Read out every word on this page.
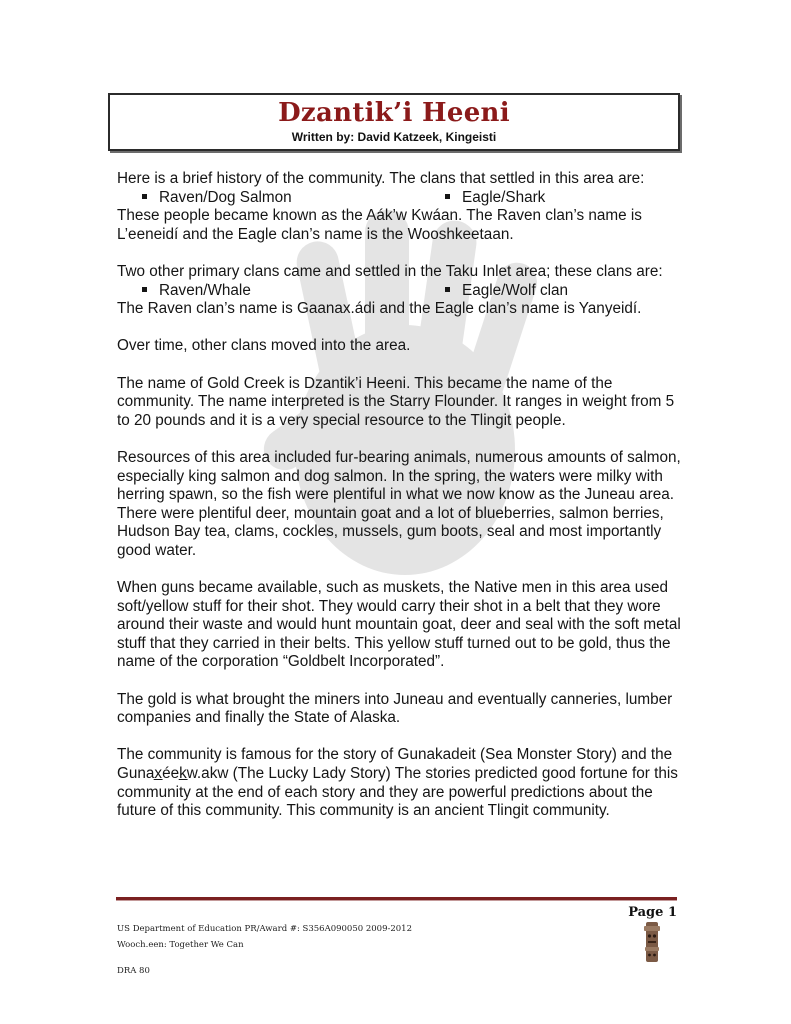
Dzantik’i Heeni
Written by: David Katzeek, Kingeisti

Here is a brief history of the community. The clans that settled in this area are:

Raven/Dog Salmon	Eagle/Shark

These people became known as the Aák’w Kwáan. The Raven clan’s name is L’eeneidí and the Eagle clan’s name is the Wooshkeetaan.

Two other primary clans came and settled in the Taku Inlet area; these clans are:

Raven/Whale	Eagle/Wolf clan

The Raven clan’s name is Gaanax.ádi and the Eagle clan’s name is Yanyeidí.

Over time, other clans moved into the area.

The name of Gold Creek is Dzantik’i Heeni. This became the name of the community. The name interpreted is the Starry Flounder. It ranges in weight from 5 to 20 pounds and it is a very special resource to the Tlingit people.

Resources of this area included fur-bearing animals, numerous amounts of salmon, especially king salmon and dog salmon. In the spring, the waters were milky with herring spawn, so the fish were plentiful in what we now know as the Juneau area. There were plentiful deer, mountain goat and a lot of blueberries, salmon berries, Hudson Bay tea, clams, cockles, mussels, gum boots, seal and most importantly good water.

When guns became available, such as muskets, the Native men in this area used soft/yellow stuff for their shot. They would carry their shot in a belt that they wore around their waste and would hunt mountain goat, deer and seal with the soft metal stuff that they carried in their belts. This yellow stuff turned out to be gold, thus the name of the corporation “Goldbelt Incorporated”.

The gold is what brought the miners into Juneau and eventually canneries, lumber companies and finally the State of Alaska.

The community is famous for the story of Gunakadeit (Sea Monster Story) and the Gunax̲éek̲w.akw (The Lucky Lady Story) The stories predicted good fortune for this community at the end of each story and they are powerful predictions about the future of this community. This community is an ancient Tlingit community.

Page 1
US Department of Education PR/Award #: S356A090050 2009-2012
Wooch.een: Together We Can
DRA 80
